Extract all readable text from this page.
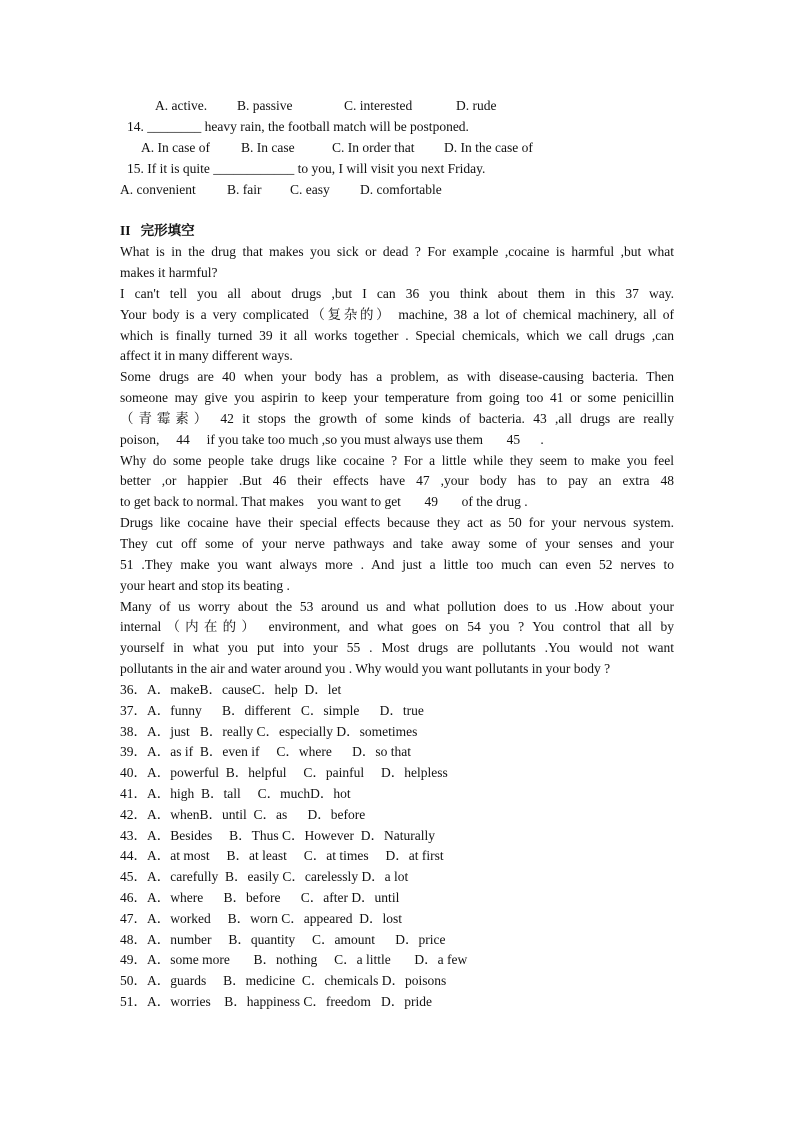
A. active. B. passive	C. interested	D. rude
14. ________ heavy rain, the football match will be postponed.
A. In case of B. In case	C. In order that D. In the case of
15. If it is quite ____________ to you, I will visit you next Friday.
A. convenient B. fair C. easy D. comfortable
II   完形填空
What is in the drug that makes you sick or dead ? For example ,cocaine is harmful ,but what
makes it harmful?
I can't tell you all about drugs ,but I can 36 you think about them in this 37 way.
Your body is a very complicated（复杂的） machine, 38 a lot of chemical machinery, all of
which is finally turned 39 it all works together . Special chemicals, which we call drugs ,can
affect it in many different ways.
Some drugs are 40 when your body has a problem, as with disease-causing bacteria. Then
someone may give you aspirin to keep your temperature from going too 41 or some penicillin
（青霉素） 42 it stops the growth of some kinds of bacteria. 43 ,all drugs are really
poison,     44     if you take too much ,so you must always use them       45      .
Why do some people take drugs like cocaine ? For a little while they seem to make you feel
better ,or happier .But 46 their effects have 47 ,your body has to pay an extra 48
to get back to normal. That makes    you want to get       49       of the drug .
Drugs like cocaine have their special effects because they act as 50 for your nervous system.
They cut off some of your nerve pathways and take away some of your senses and your
51 .They make you want always more . And just a little too much can even 52 nerves to
your heart and stop its beating .
Many of us worry about the 53 around us and what pollution does to us .How about your
internal（内在的） environment, and what goes on 54 you ? You control that all by
yourself in what you put into your 55 . Most drugs are pollutants .You would not want
pollutants in the air and water around you . Why would you want pollutants in your body ?
36．A．makeB．causeC．help  D．let
37．A．funny      B．different   C．simple      D．true
38．A．just   B．really C．especially D．sometimes
39．A．as if  B．even if     C．where      D．so that
40．A．powerful  B．helpful     C．painful     D．helpless
41．A．high  B．tall     C．muchD．hot
42．A．whenB．until  C．as      D．before
43．A．Besides     B．Thus C．However  D．Naturally
44．A．at most     B．at least     C．at times     D．at first
45．A．carefully  B．easily C．carelessly D．a lot
46．A．where      B．before      C．after D．until
47．A．worked     B．worn C．appeared  D．lost
48．A．number     B．quantity     C．amount      D．price
49．A．some more       B．nothing     C．a little       D．a few
50．A．guards     B．medicine  C．chemicals D．poisons
51．A．worries    B．happiness C．freedom   D．pride
